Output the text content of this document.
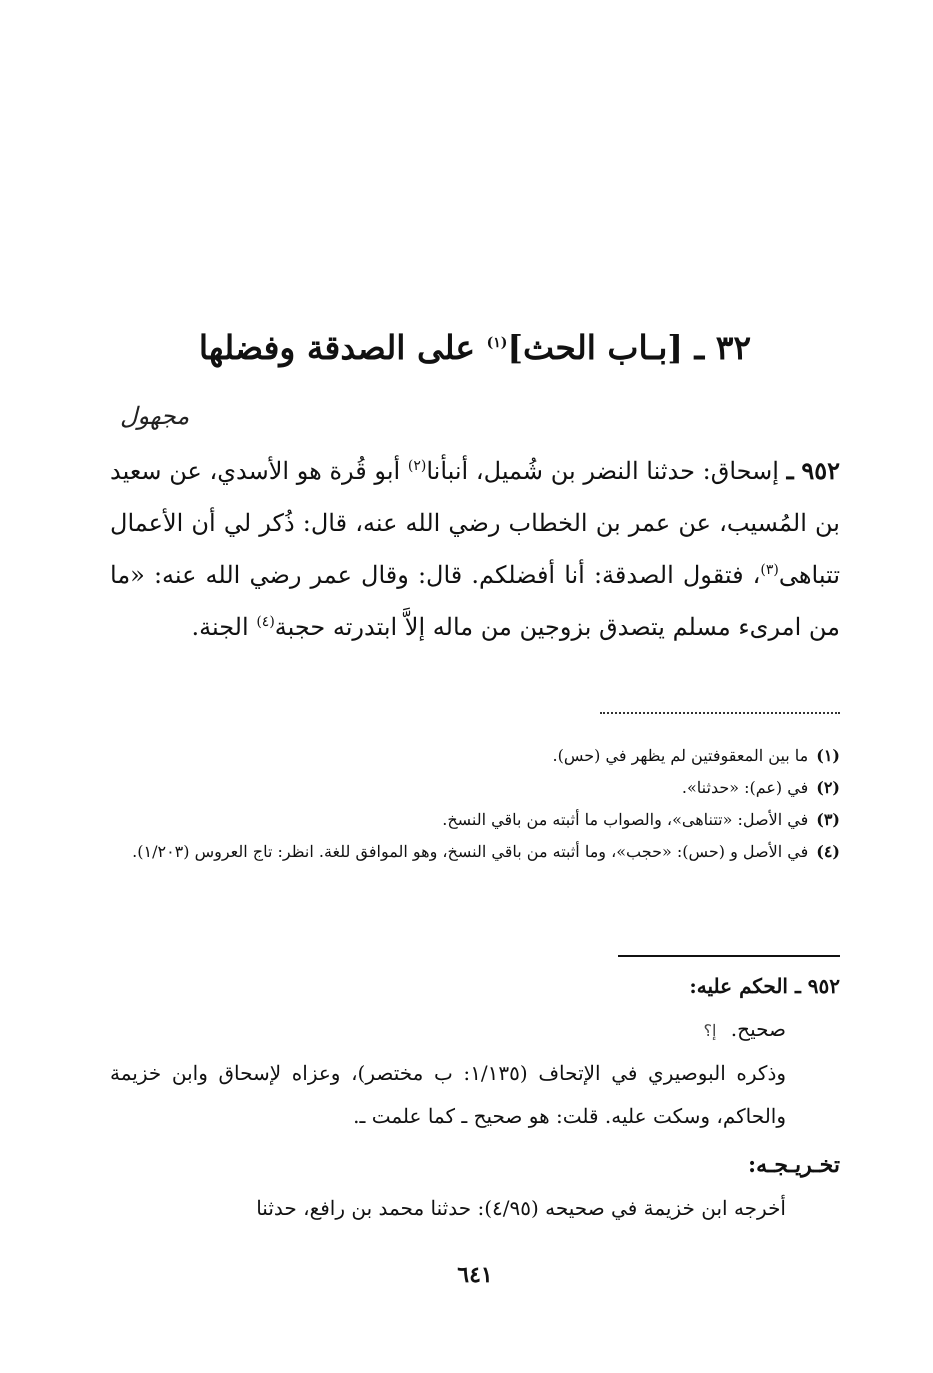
مجهول
٣٢ ـ [بـاب الحث]$^{(١)}$ على الصدقة وفضلها

٩٥٢ ـ إسحاق: حدثنا النضر بن شُميل، أنبأنا$^{(٢)}$ أبو قُرة هو الأسدي، عن سعيد بن المُسيب، عن عمر بن الخطاب رضي الله عنه، قال: ذُكر لي أن الأعمال تتباهى$^{(٣)}$، فتقول الصدقة: أنا أفضلكم. قال: وقال عمر رضي الله عنه: «ما من امرىء مسلم يتصدق بزوجين من ماله إلاَّ ابتدرته حجبة$^{(٤)}$ الجنة.

(١)
ما بين المعقوفتين لم يظهر في (حس).

(٢)
في (عم): «حدثنا».

(٣)
في الأصل: «تتناهى»، والصواب ما أثبته من باقي النسخ.

(٤)
في الأصل و (حس): «حجب»، وما أثبته من باقي النسخ، وهو الموافق للغة. انظر: تاج العروس (١/٢٠٣).

٩٥٢ ـ الحكم عليه:

صحيح. إ؟

وذكره البوصيري في الإتحاف (١/١٣٥: ب مختصر)، وعزاه لإسحاق وابن خزيمة والحاكم، وسكت عليه. قلت: هو صحيح ـ كما علمت ـ.

تخـريـجـه:

أخرجه ابن خزيمة في صحيحه (٤/٩٥): حدثنا محمد بن رافع، حدثنا

٦٤١
